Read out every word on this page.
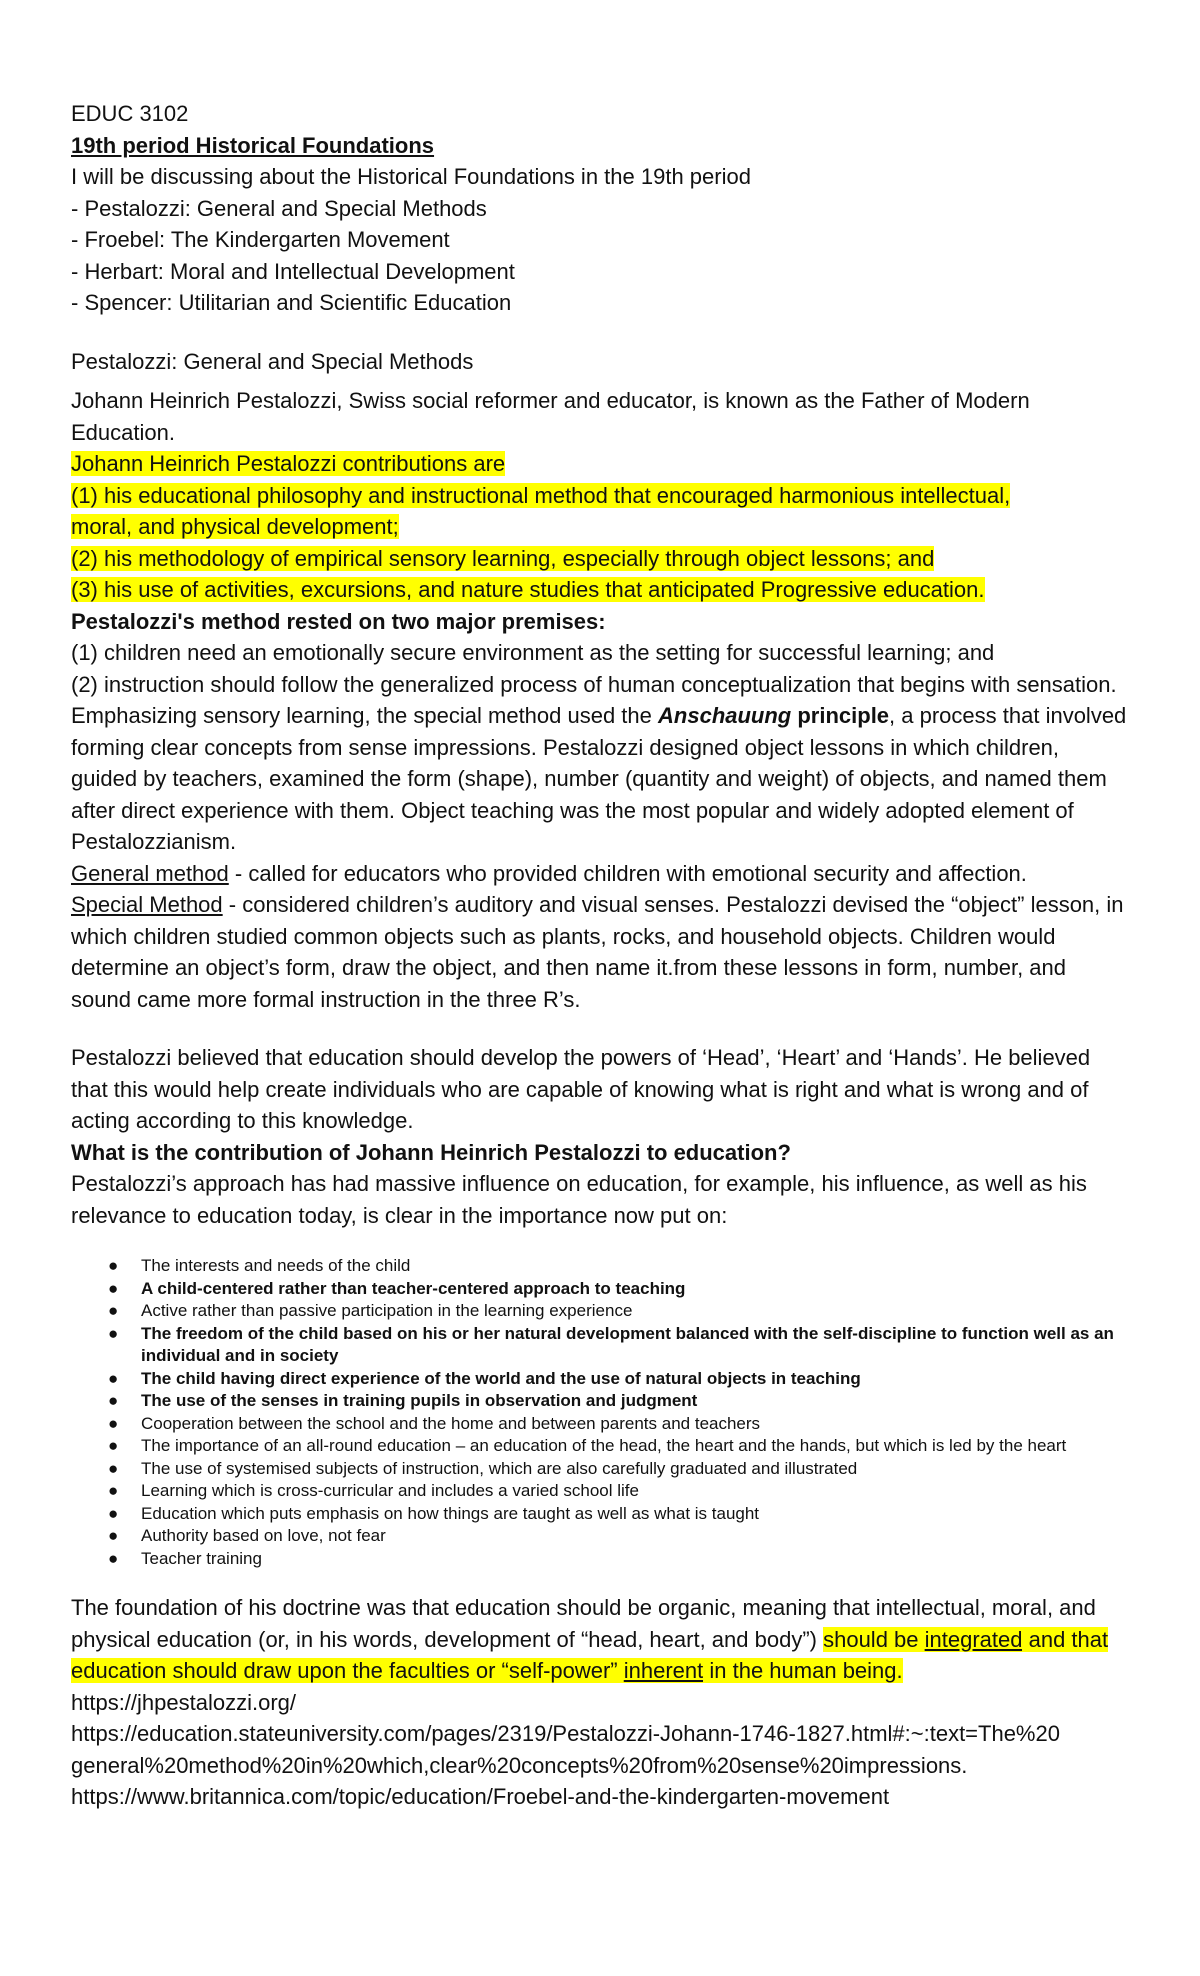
EDUC 3102
19th period Historical Foundations
I will be discussing about the Historical Foundations in the 19th period
- Pestalozzi: General and Special Methods
- Froebel: The Kindergarten Movement
- Herbart: Moral and Intellectual Development
- Spencer: Utilitarian and Scientific Education
Pestalozzi: General and Special Methods
Johann Heinrich Pestalozzi, Swiss social reformer and educator, is known as the Father of Modern Education.
Johann Heinrich Pestalozzi contributions are
(1) his educational philosophy and instructional method that encouraged harmonious intellectual,
moral, and physical development;
(2) his methodology of empirical sensory learning, especially through object lessons; and
(3) his use of activities, excursions, and nature studies that anticipated Progressive education.
Pestalozzi's method rested on two major premises:
(1) children need an emotionally secure environment as the setting for successful learning; and
(2) instruction should follow the generalized process of human conceptualization that begins with sensation.
Emphasizing sensory learning, the special method used the Anschauung principle, a process that involved forming clear concepts from sense impressions. Pestalozzi designed object lessons in which children, guided by teachers, examined the form (shape), number (quantity and weight) of objects, and named them after direct experience with them. Object teaching was the most popular and widely adopted element of Pestalozzianism.
General method - called for educators who provided children with emotional security and affection.
Special Method - considered children’s auditory and visual senses. Pestalozzi devised the “object” lesson, in which children studied common objects such as plants, rocks, and household objects. Children would determine an object’s form, draw the object, and then name it.from these lessons in form, number, and sound came more formal instruction in the three R’s.
Pestalozzi believed that education should develop the powers of ‘Head’, ‘Heart’ and ‘Hands’. He believed that this would help create individuals who are capable of knowing what is right and what is wrong and of acting according to this knowledge.
What is the contribution of Johann Heinrich Pestalozzi to education?
Pestalozzi’s approach has had massive influence on education, for example, his influence, as well as his relevance to education today, is clear in the importance now put on:
● The interests and needs of the child
● A child-centered rather than teacher-centered approach to teaching
● Active rather than passive participation in the learning experience
● The freedom of the child based on his or her natural development balanced with the self-discipline to function well as an individual and in society
● The child having direct experience of the world and the use of natural objects in teaching
● The use of the senses in training pupils in observation and judgment
● Cooperation between the school and the home and between parents and teachers
● The importance of an all-round education – an education of the head, the heart and the hands, but which is led by the heart
● The use of systemised subjects of instruction, which are also carefully graduated and illustrated
● Learning which is cross-curricular and includes a varied school life
● Education which puts emphasis on how things are taught as well as what is taught
● Authority based on love, not fear
● Teacher training
The foundation of his doctrine was that education should be organic, meaning that intellectual, moral, and physical education (or, in his words, development of “head, heart, and body”) should be integrated and that education should draw upon the faculties or “self-power” inherent in the human being.
https://jhpestalozzi.org/
https://education.stateuniversity.com/pages/2319/Pestalozzi-Johann-1746-1827.html#:~:text=The%20 general%20method%20in%20which,clear%20concepts%20from%20sense%20impressions.
https://www.britannica.com/topic/education/Froebel-and-the-kindergarten-movement
